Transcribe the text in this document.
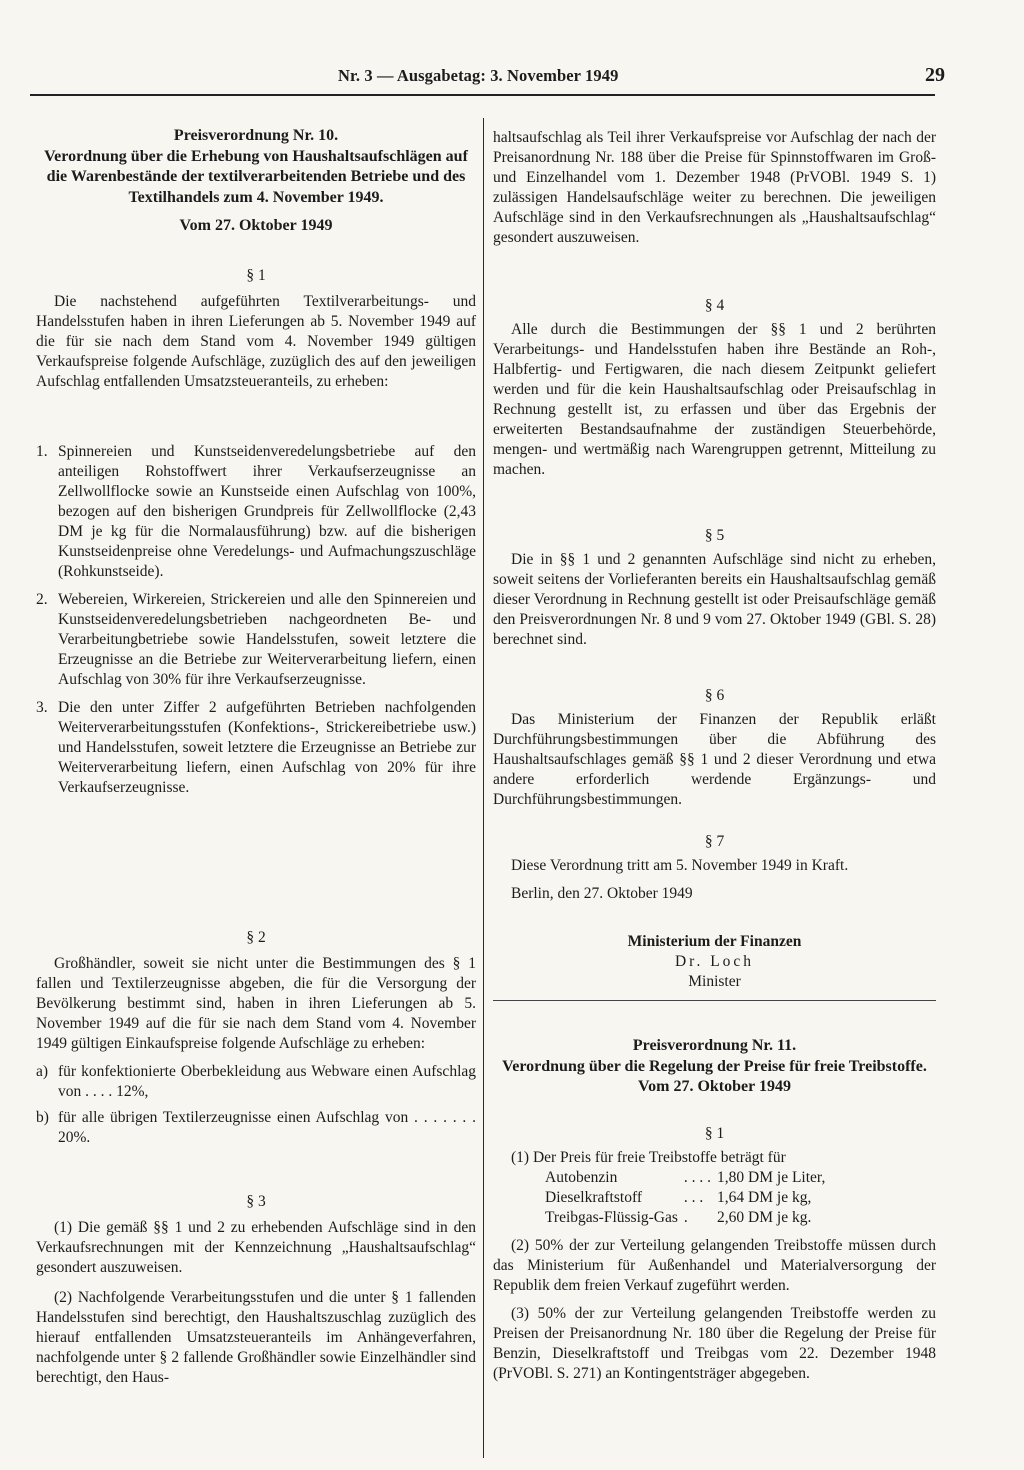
Nr. 3 — Ausgabetag: 3. November 1949	29

Preisverordnung Nr. 10.

Verordnung über die Erhebung von Haushaltsaufschlägen auf die Warenbestände der textilverarbeitenden Betriebe und des Textilhandels zum 4. November 1949.

Vom 27. Oktober 1949

§ 1

Die nachstehend aufgeführten Textilverarbeitungs- und Handelsstufen haben in ihren Lieferungen ab 5. November 1949 auf die für sie nach dem Stand vom 4. November 1949 gültigen Verkaufspreise folgende Aufschläge, zuzüglich des auf den jeweiligen Aufschlag entfallenden Umsatzsteueranteils, zu erheben:

1. Spinnereien und Kunstseidenveredelungsbetriebe auf den anteiligen Rohstoffwert ihrer Verkaufserzeugnisse an Zellwollflocke sowie an Kunstseide einen Aufschlag von 100%, bezogen auf den bisherigen Grundpreis für Zellwollflocke (2,43 DM je kg für die Normalausführung) bzw. auf die bisherigen Kunstseidenpreise ohne Veredelungs- und Aufmachungszuschläge (Rohkunstseide).
2. Webereien, Wirkereien, Strickereien und alle den Spinnereien und Kunstseidenveredelungsbetrieben nachgeordneten Be- und Verarbeitungbetriebe sowie Handelsstufen, soweit letztere die Erzeugnisse an die Betriebe zur Weiterverarbeitung liefern, einen Aufschlag von 30% für ihre Verkaufserzeugnisse.
3. Die den unter Ziffer 2 aufgeführten Betrieben nachfolgenden Weiterverarbeitungsstufen (Konfektions-, Strickereibetriebe usw.) und Handelsstufen, soweit letztere die Erzeugnisse an Betriebe zur Weiterverarbeitung liefern, einen Aufschlag von 20% für ihre Verkaufserzeugnisse.

§ 2

Großhändler, soweit sie nicht unter die Bestimmungen des § 1 fallen und Textilerzeugnisse abgeben, die für die Versorgung der Bevölkerung bestimmt sind, haben in ihren Lieferungen ab 5. November 1949 auf die für sie nach dem Stand vom 4. November 1949 gültigen Einkaufspreise folgende Aufschläge zu erheben:

a) für konfektionierte Oberbekleidung aus Webware einen Aufschlag von . . . . 12%,
b) für alle übrigen Textilerzeugnisse einen Aufschlag von . . . . . . . 20%.

§ 3

(1) Die gemäß §§ 1 und 2 zu erhebenden Aufschläge sind in den Verkaufsrechnungen mit der Kennzeichnung „Haushaltsaufschlag“ gesondert auszuweisen.

(2) Nachfolgende Verarbeitungsstufen und die unter § 1 fallenden Handelsstufen sind berechtigt, den Haushaltszuschlag zuzüglich des hierauf entfallenden Umsatzsteueranteils im Anhängeverfahren, nachfolgende unter § 2 fallende Großhändler sowie Einzelhändler sind berechtigt, den Haus-

haltsaufschlag als Teil ihrer Verkaufspreise vor Aufschlag der nach der Preisanordnung Nr. 188 über die Preise für Spinnstoffwaren im Groß- und Einzelhandel vom 1. Dezember 1948 (PrVOBl. 1949 S. 1) zulässigen Handelsaufschläge weiter zu berechnen. Die jeweiligen Aufschläge sind in den Verkaufsrechnungen als „Haushaltsaufschlag“ gesondert auszuweisen.

§ 4

Alle durch die Bestimmungen der §§ 1 und 2 berührten Verarbeitungs- und Handelsstufen haben ihre Bestände an Roh-, Halbfertig- und Fertigwaren, die nach diesem Zeitpunkt geliefert werden und für die kein Haushaltsaufschlag oder Preisaufschlag in Rechnung gestellt ist, zu erfassen und über das Ergebnis der erweiterten Bestandsaufnahme der zuständigen Steuerbehörde, mengen- und wertmäßig nach Warengruppen getrennt, Mitteilung zu machen.

§ 5

Die in §§ 1 und 2 genannten Aufschläge sind nicht zu erheben, soweit seitens der Vorlieferanten bereits ein Haushaltsaufschlag gemäß dieser Verordnung in Rechnung gestellt ist oder Preisaufschläge gemäß den Preisverordnungen Nr. 8 und 9 vom 27. Oktober 1949 (GBl. S. 28) berechnet sind.

§ 6

Das Ministerium der Finanzen der Republik erläßt Durchführungsbestimmungen über die Abführung des Haushaltsaufschlages gemäß §§ 1 und 2 dieser Verordnung und etwa andere erforderlich werdende Ergänzungs- und Durchführungsbestimmungen.

§ 7

Diese Verordnung tritt am 5. November 1949 in Kraft.

Berlin, den 27. Oktober 1949

Ministerium der Finanzen

Dr. Loch

Minister

Preisverordnung Nr. 11.

Verordnung über die Regelung der Preise für freie Treibstoffe.

Vom 27. Oktober 1949

§ 1

(1) Der Preis für freie Treibstoffe beträgt für

Autobenzin	. . . .	1,80 DM je Liter,
Dieselkraftstoff	. . .	1,64 DM je kg,
Treibgas-Flüssig-Gas	.	2,60 DM je kg.

(2) 50% der zur Verteilung gelangenden Treibstoffe müssen durch das Ministerium für Außenhandel und Materialversorgung der Republik dem freien Verkauf zugeführt werden.

(3) 50% der zur Verteilung gelangenden Treibstoffe werden zu Preisen der Preisanordnung Nr. 180 über die Regelung der Preise für Benzin, Dieselkraftstoff und Treibgas vom 22. Dezember 1948 (PrVOBl. S. 271) an Kontingentsträger abgegeben.
